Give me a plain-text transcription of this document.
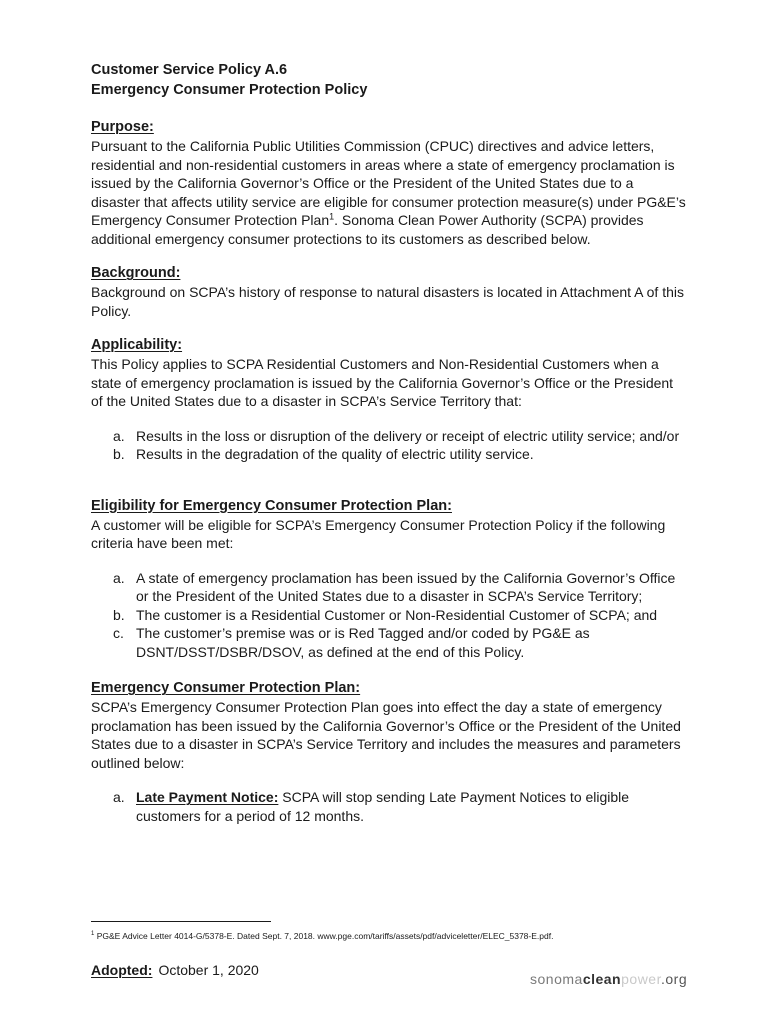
Customer Service Policy A.6
Emergency Consumer Protection Policy
Purpose:
Pursuant to the California Public Utilities Commission (CPUC) directives and advice letters, residential and non-residential customers in areas where a state of emergency proclamation is issued by the California Governor’s Office or the President of the United States due to a disaster that affects utility service are eligible for consumer protection measure(s) under PG&E’s Emergency Consumer Protection Plan$^1$. Sonoma Clean Power Authority (SCPA) provides additional emergency consumer protections to its customers as described below.
Background:
Background on SCPA’s history of response to natural disasters is located in Attachment A of this Policy.
Applicability:
This Policy applies to SCPA Residential Customers and Non-Residential Customers when a state of emergency proclamation is issued by the California Governor’s Office or the President of the United States due to a disaster in SCPA’s Service Territory that:
a. Results in the loss or disruption of the delivery or receipt of electric utility service; and/or
b. Results in the degradation of the quality of electric utility service.
Eligibility for Emergency Consumer Protection Plan:
A customer will be eligible for SCPA’s Emergency Consumer Protection Policy if the following criteria have been met:
a. A state of emergency proclamation has been issued by the California Governor’s Office or the President of the United States due to a disaster in SCPA’s Service Territory;
b. The customer is a Residential Customer or Non-Residential Customer of SCPA; and
c. The customer’s premise was or is Red Tagged and/or coded by PG&E as DSNT/DSST/DSBR/DSOV, as defined at the end of this Policy.
Emergency Consumer Protection Plan:
SCPA’s Emergency Consumer Protection Plan goes into effect the day a state of emergency proclamation has been issued by the California Governor’s Office or the President of the United States due to a disaster in SCPA’s Service Territory and includes the measures and parameters outlined below:
a. Late Payment Notice: SCPA will stop sending Late Payment Notices to eligible customers for a period of 12 months.
$^1$ PG&E Advice Letter 4014-G/5378-E. Dated Sept. 7, 2018. www.pge.com/tariffs/assets/pdf/adviceletter/ELEC_5378-E.pdf.
Adopted: October 1, 2020
sonomacleanpower.org
